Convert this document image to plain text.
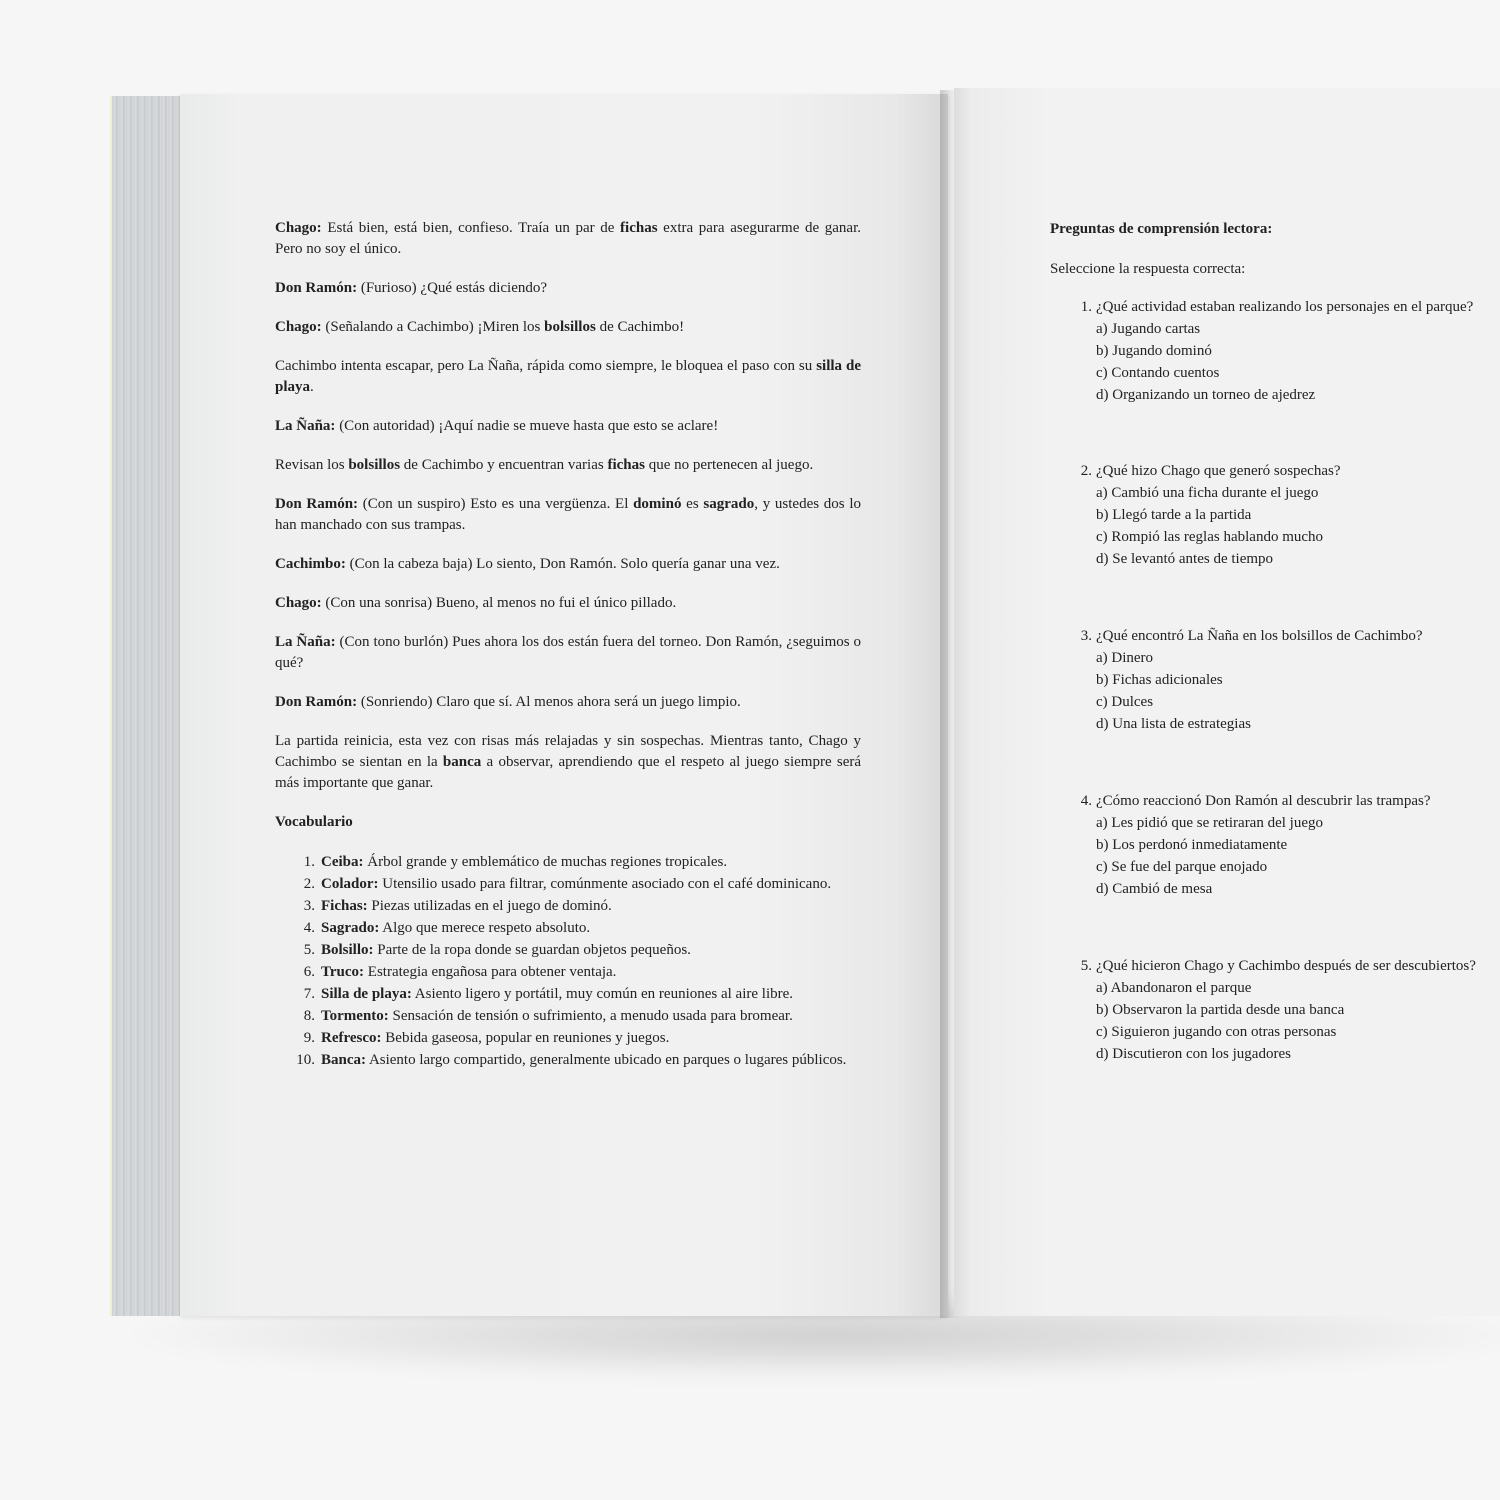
Chago: Está bien, está bien, confieso. Traía un par de fichas extra para asegurarme de ganar. Pero no soy el único.

Don Ramón: (Furioso) ¿Qué estás diciendo?

Chago: (Señalando a Cachimbo) ¡Miren los bolsillos de Cachimbo!

Cachimbo intenta escapar, pero La Ñaña, rápida como siempre, le bloquea el paso con su silla de playa.

La Ñaña: (Con autoridad) ¡Aquí nadie se mueve hasta que esto se aclare!

Revisan los bolsillos de Cachimbo y encuentran varias fichas que no pertenecen al juego.

Don Ramón: (Con un suspiro) Esto es una vergüenza. El dominó es sagrado, y ustedes dos lo han manchado con sus trampas.

Cachimbo: (Con la cabeza baja) Lo siento, Don Ramón. Solo quería ganar una vez.

Chago: (Con una sonrisa) Bueno, al menos no fui el único pillado.

La Ñaña: (Con tono burlón) Pues ahora los dos están fuera del torneo. Don Ramón, ¿seguimos o qué?

Don Ramón: (Sonriendo) Claro que sí. Al menos ahora será un juego limpio.

La partida reinicia, esta vez con risas más relajadas y sin sospechas. Mientras tanto, Chago y Cachimbo se sientan en la banca a observar, aprendiendo que el respeto al juego siempre será más importante que ganar.

Vocabulario
1. Ceiba: Árbol grande y emblemático de muchas regiones tropicales.
2. Colador: Utensilio usado para filtrar, comúnmente asociado con el café dominicano.
3. Fichas: Piezas utilizadas en el juego de dominó.
4. Sagrado: Algo que merece respeto absoluto.
5. Bolsillo: Parte de la ropa donde se guardan objetos pequeños.
6. Truco: Estrategia engañosa para obtener ventaja.
7. Silla de playa: Asiento ligero y portátil, muy común en reuniones al aire libre.
8. Tormento: Sensación de tensión o sufrimiento, a menudo usada para bromear.
9. Refresco: Bebida gaseosa, popular en reuniones y juegos.
10. Banca: Asiento largo compartido, generalmente ubicado en parques o lugares públicos.
Preguntas de comprensión lectora:
Seleccione la respuesta correcta:
1. ¿Qué actividad estaban realizando los personajes en el parque?
a) Jugando cartas
b) Jugando dominó
c) Contando cuentos
d) Organizando un torneo de ajedrez
2. ¿Qué hizo Chago que generó sospechas?
a) Cambió una ficha durante el juego
b) Llegó tarde a la partida
c) Rompió las reglas hablando mucho
d) Se levantó antes de tiempo
3. ¿Qué encontró La Ñaña en los bolsillos de Cachimbo?
a) Dinero
b) Fichas adicionales
c) Dulces
d) Una lista de estrategias
4. ¿Cómo reaccionó Don Ramón al descubrir las trampas?
a) Les pidió que se retiraran del juego
b) Los perdonó inmediatamente
c) Se fue del parque enojado
d) Cambió de mesa
5. ¿Qué hicieron Chago y Cachimbo después de ser descubiertos?
a) Abandonaron el parque
b) Observaron la partida desde una banca
c) Siguieron jugando con otras personas
d) Discutieron con los jugadores
